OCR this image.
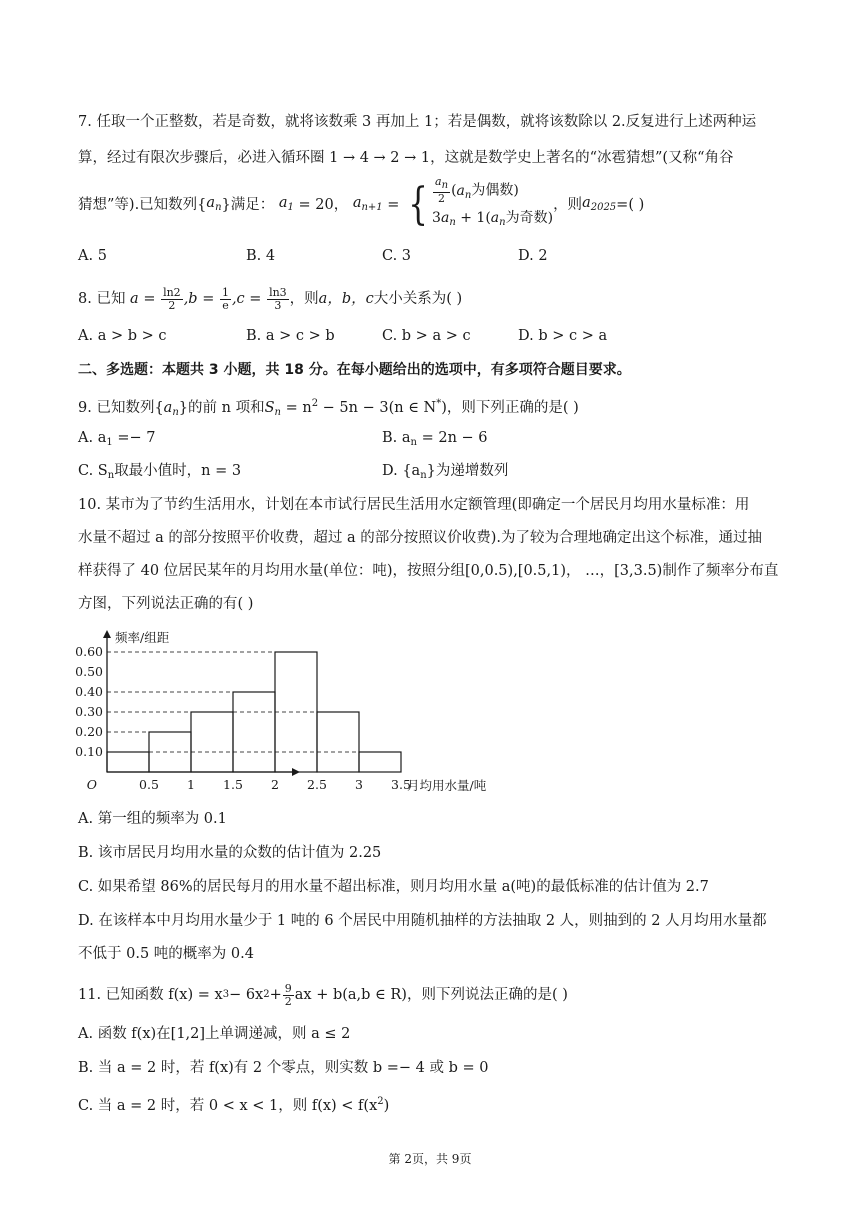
7. 任取一个正整数，若是奇数，就将该数乘 3 再加上 1；若是偶数，就将该数除以 2.反复进行上述两种运
算，经过有限次步骤后，必进入循环圈 1 → 4 → 2 → 1，这就是数学史上著名的“冰雹猜想”(又称“角谷
猜想”等).已知数列{ $a_n$ }满足： $a_1 = 20$， $a_{n+1}$ = { $\frac{a_n}{2} (a_n$为偶数)
$3a_n + 1(a_n$为奇数)
，则 $a_{2025}$ =( )
A. 5	B. 4	C. 3	D. 2
8. 已知 $a = \frac{\ln 2}{2} ,b = \frac{1}{e} ,c = \frac{\ln 3}{3}$ ，则 a，b，c 大小关系为( )
A. a > b > c	B. a > c > b	C. b > a > c	D. b > c > a
二、多选题：本题共 3 小题，共 18 分。在每小题给出的选项中，有多项符合题目要求。
9. 已知数列$\{a_n\}$的前 n 项和$S_n = n^2 - 5n - 3(n$ ∈ N*)，则下列正确的是( )
A. $a_1 =- 7$	B. $a_n = 2n - 6$
C. $S_n$取最小值时，n = 3	D. $\{a_n\}$为递增数列
10. 某市为了节约生活用水，计划在本市试行居民生活用水定额管理(即确定一个居民月均用水量标准：用
水量不超过 a 的部分按照平价收费，超过 a 的部分按照议价收费).为了较为合理地确定出这个标准，通过抽
样获得了 40 位居民某年的月均用水量(单位：吨)，按照分组[0,0.5),[0.5,1)， …，[3,3.5)制作了频率分布直
方图，下列说法正确的有( )
0.10
0.20
0.30
0.40
0.50
0.60
0.5 1 1.5 2 2.5 3 3.5
O
频率/组距
月均用水量/吨
A. 第一组的频率为 0.1
B. 该市居民月均用水量的众数的估计值为 2.25
C. 如果希望 86%的居民每月的用水量不超出标准，则月均用水量 a(吨)的最低标准的估计值为 2.7
D. 在该样本中月均用水量少于 1 吨的 6 个居民中用随机抽样的方法抽取 2 人，则抽到的 2 人月均用水量都
不低于 0.5 吨的概率为 0.4
11. 已知函数 f(x) = x 3 − 6x $2 + \frac{9}{2}$ ax + b(a,b ∈ R)，则下列说法正确的是( )
A. 函数 f(x)在[1,2]上单调递减，则 a ≤ 2
B. 当 a = 2 时，若 f(x)有 2 个零点，则实数 b =− 4 或 b = 0
C. 当 a = 2 时，若 0 < x < 1，则 $f(x) < f(x^2)$
第 2页，共 9页
